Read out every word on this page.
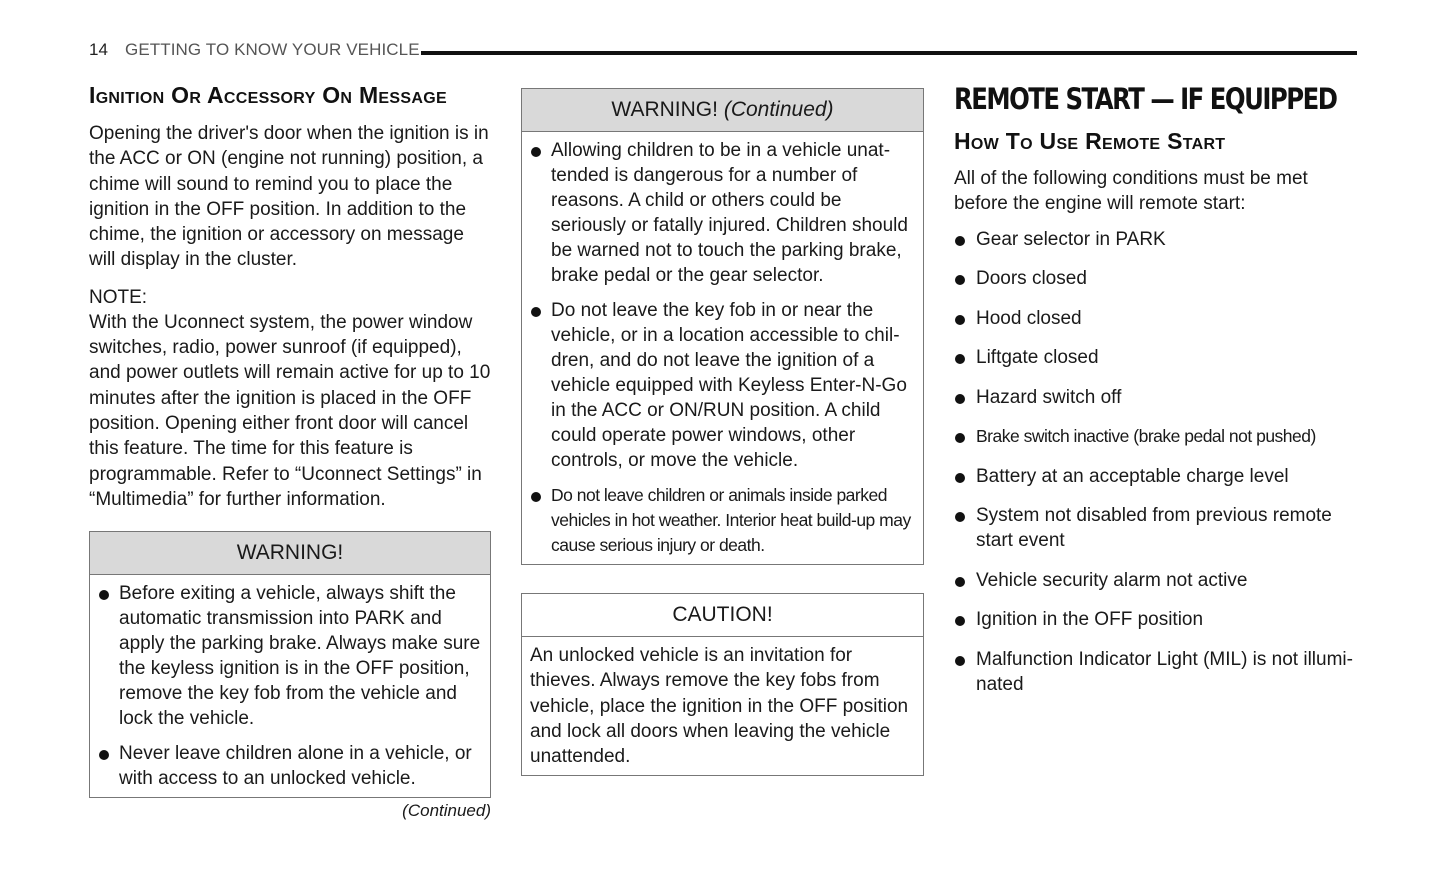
14 GETTING TO KNOW YOUR VEHICLE
Ignition Or Accessory On Message

Opening the driver's door when the ignition is in the ACC or ON (engine not running) position, a chime will sound to remind you to place the ignition in the OFF position. In addition to the chime, the ignition or accessory on message will display in the cluster.

NOTE:

With the Uconnect system, the power window switches, radio, power sunroof (if equipped), and power outlets will remain active for up to 10 minutes after the ignition is placed in the OFF position. Opening either front door will cancel this feature. The time for this feature is programmable. Refer to “Uconnect Settings” in “Multimedia” for further information.

WARNING!
Before exiting a vehicle, always shift the automatic transmission into PARK and apply the parking brake. Always make sure the keyless ignition is in the OFF position, remove the key fob from the vehicle and lock the vehicle.
Never leave children alone in a vehicle, or with access to an unlocked vehicle.
(Continued)
WARNING! (Continued)
Allowing children to be in a vehicle unattended is dangerous for a number of reasons. A child or others could be seriously or fatally injured. Children should be warned not to touch the parking brake, brake pedal or the gear selector.
Do not leave the key fob in or near the vehicle, or in a location accessible to children, and do not leave the ignition of a vehicle equipped with Keyless Enter-N-Go in the ACC or ON/RUN position. A child could operate power windows, other controls, or move the vehicle.
Do not leave children or animals inside parked vehicles in hot weather. Interior heat build-up may cause serious injury or death.
CAUTION!

An unlocked vehicle is an invitation for thieves. Always remove the key fobs from vehicle, place the ignition in the OFF position and lock all doors when leaving the vehicle unattended.

REMOTE START — IF EQUIPPED
How To Use Remote Start

All of the following conditions must be met before the engine will remote start:

Gear selector in PARK
Doors closed
Hood closed
Liftgate closed
Hazard switch off
Brake switch inactive (brake pedal not pushed)
Battery at an acceptable charge level
System not disabled from previous remote start event
Vehicle security alarm not active
Ignition in the OFF position
Malfunction Indicator Light (MIL) is not illuminated
